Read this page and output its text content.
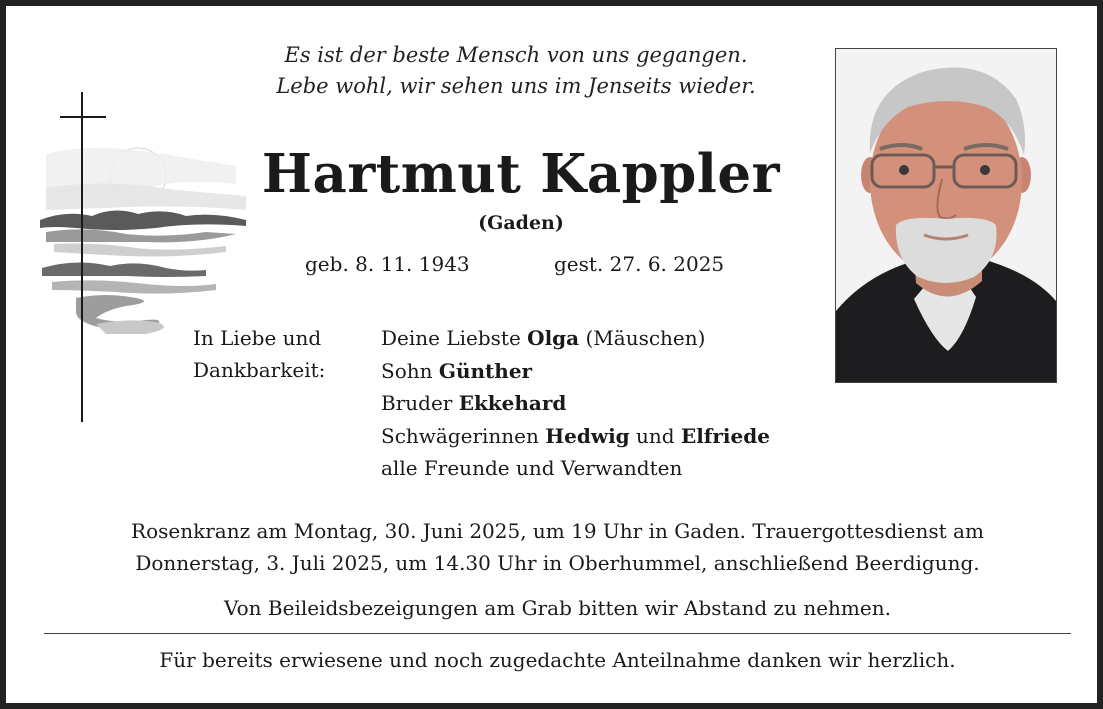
Es ist der beste Mensch von uns gegangen.
Lebe wohl, wir sehen uns im Jenseits wieder.
Hartmut Kappler
(Gaden)
geb. 8. 11. 1943	gest. 27. 6. 2025
In Liebe und
Dankbarkeit:
Deine Liebste Olga (Mäuschen)
Sohn Günther
Bruder Ekkehard
Schwägerinnen Hedwig und Elfriede
alle Freunde und Verwandten
Rosenkranz am Montag, 30. Juni 2025, um 19 Uhr in Gaden. Trauergottesdienst am
Donnerstag, 3. Juli 2025, um 14.30 Uhr in Oberhummel, anschließend Beerdigung.
Von Beileidsbezeigungen am Grab bitten wir Abstand zu nehmen.
Für bereits erwiesene und noch zugedachte Anteilnahme danken wir herzlich.
